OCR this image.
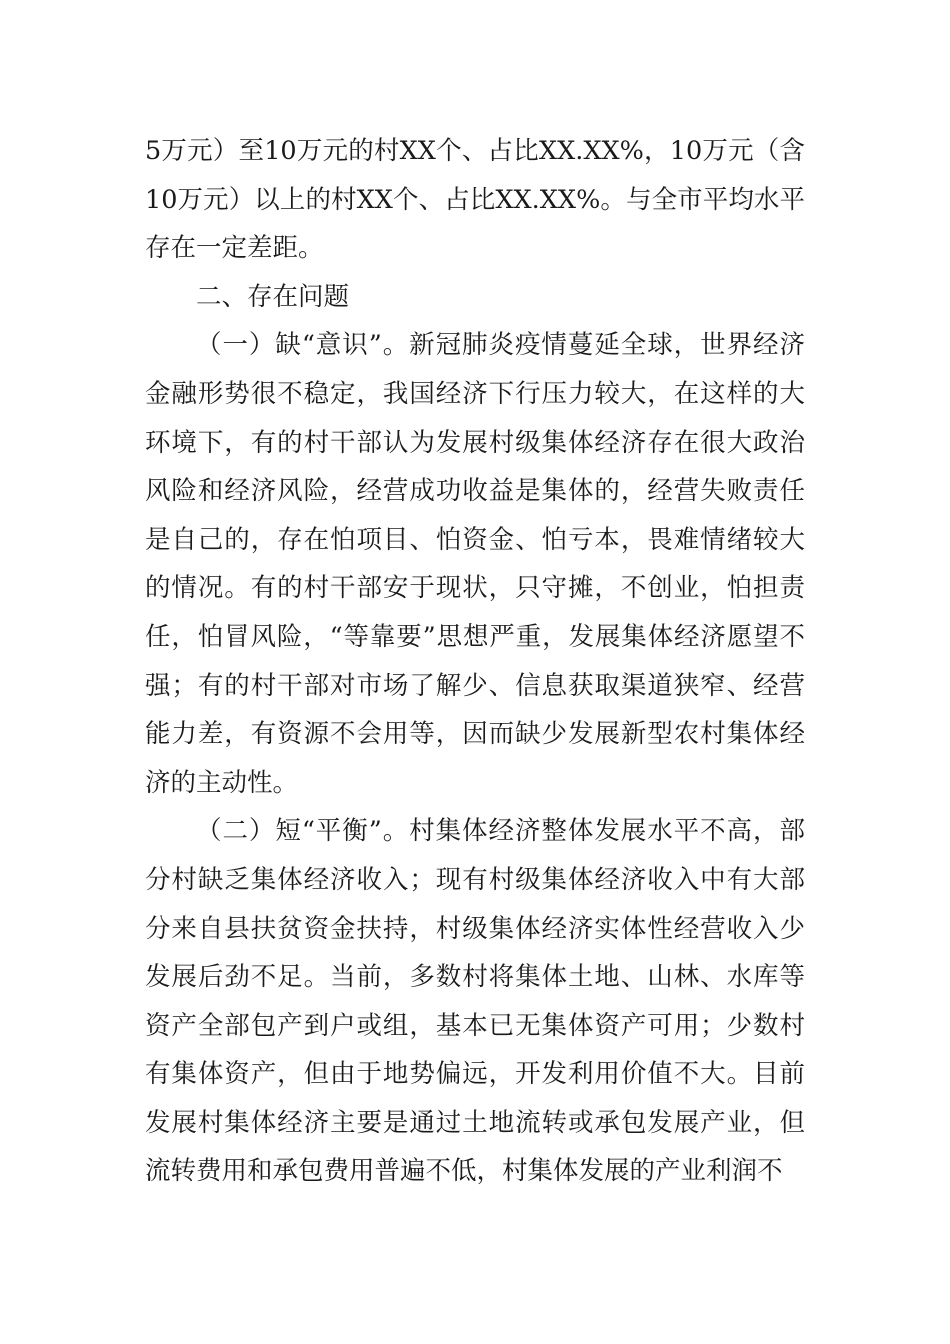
5万元）至10万元的村XX个、占比XX.XX%，10万元（含10万元）以上的村XX个、占比XX.XX%。与全市平均水平存在一定差距。

二、存在问题

（一）缺“意识”。新冠肺炎疫情蔓延全球，世界经济金融形势很不稳定，我国经济下行压力较大，在这样的大环境下，有的村干部认为发展村级集体经济存在很大政治风险和经济风险，经营成功收益是集体的，经营失败责任是自己的，存在怕项目、怕资金、怕亏本，畏难情绪较大的情况。有的村干部安于现状，只守摊，不创业，怕担责任，怕冒风险，“等靠要”思想严重，发展集体经济愿望不强；有的村干部对市场了解少、信息获取渠道狭窄、经营能力差，有资源不会用等，因而缺少发展新型农村集体经济的主动性。

（二）短“平衡”。村集体经济整体发展水平不高，部分村缺乏集体经济收入；现有村级集体经济收入中有大部分来自县扶贫资金扶持，村级集体经济实体性经营收入少发展后劲不足。当前，多数村将集体土地、山林、水库等资产全部包产到户或组，基本已无集体资产可用；少数村有集体资产，但由于地势偏远，开发利用价值不大。目前发展村集体经济主要是通过土地流转或承包发展产业，但流转费用和承包费用普遍不低，村集体发展的产业利润不
